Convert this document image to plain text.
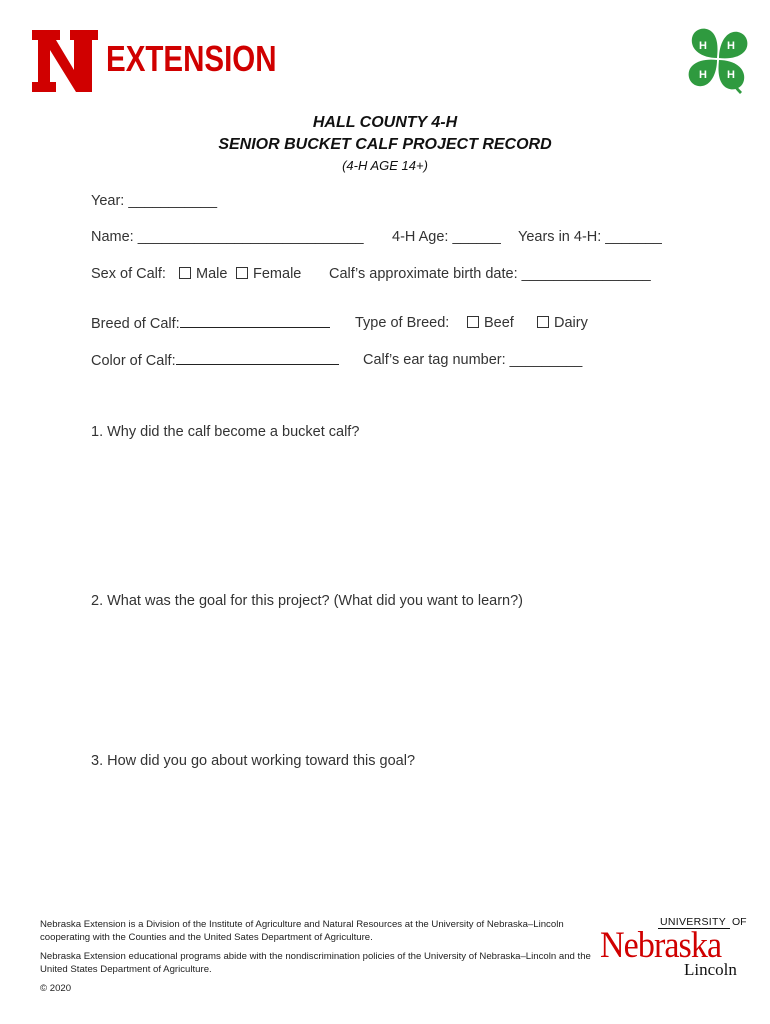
EXTENSION	H H
H
H
HALL COUNTY 4-H
SENIOR BUCKET CALF PROJECT RECORD
(4-H AGE 14+)
Year: ___________
Name: ____________________________ 4-H Age: ______ Years in 4-H: _______
Sex of Calf:	Male	Female Calf’s approximate birth date: ________________
Breed of Calf:	Type of Breed:	Beef	Dairy
Color of Calf:	Calf’s ear tag number: _________
1. Why did the calf become a bucket calf?
2. What was the goal for this project? (What did you want to learn?)
3. How did you go about working toward this goal?
Nebraska Extension is a Division of the Institute of Agriculture and Natural Resources at the University of Nebraska–Lincoln cooperating with the Counties and the United Sates Department of Agriculture.
Nebraska Extension educational programs abide with the nondiscrimination policies of the University of Nebraska–Lincoln and the United States Department of Agriculture.
© 2020
UNIVERSITY OF
Nebraska
Lincoln
